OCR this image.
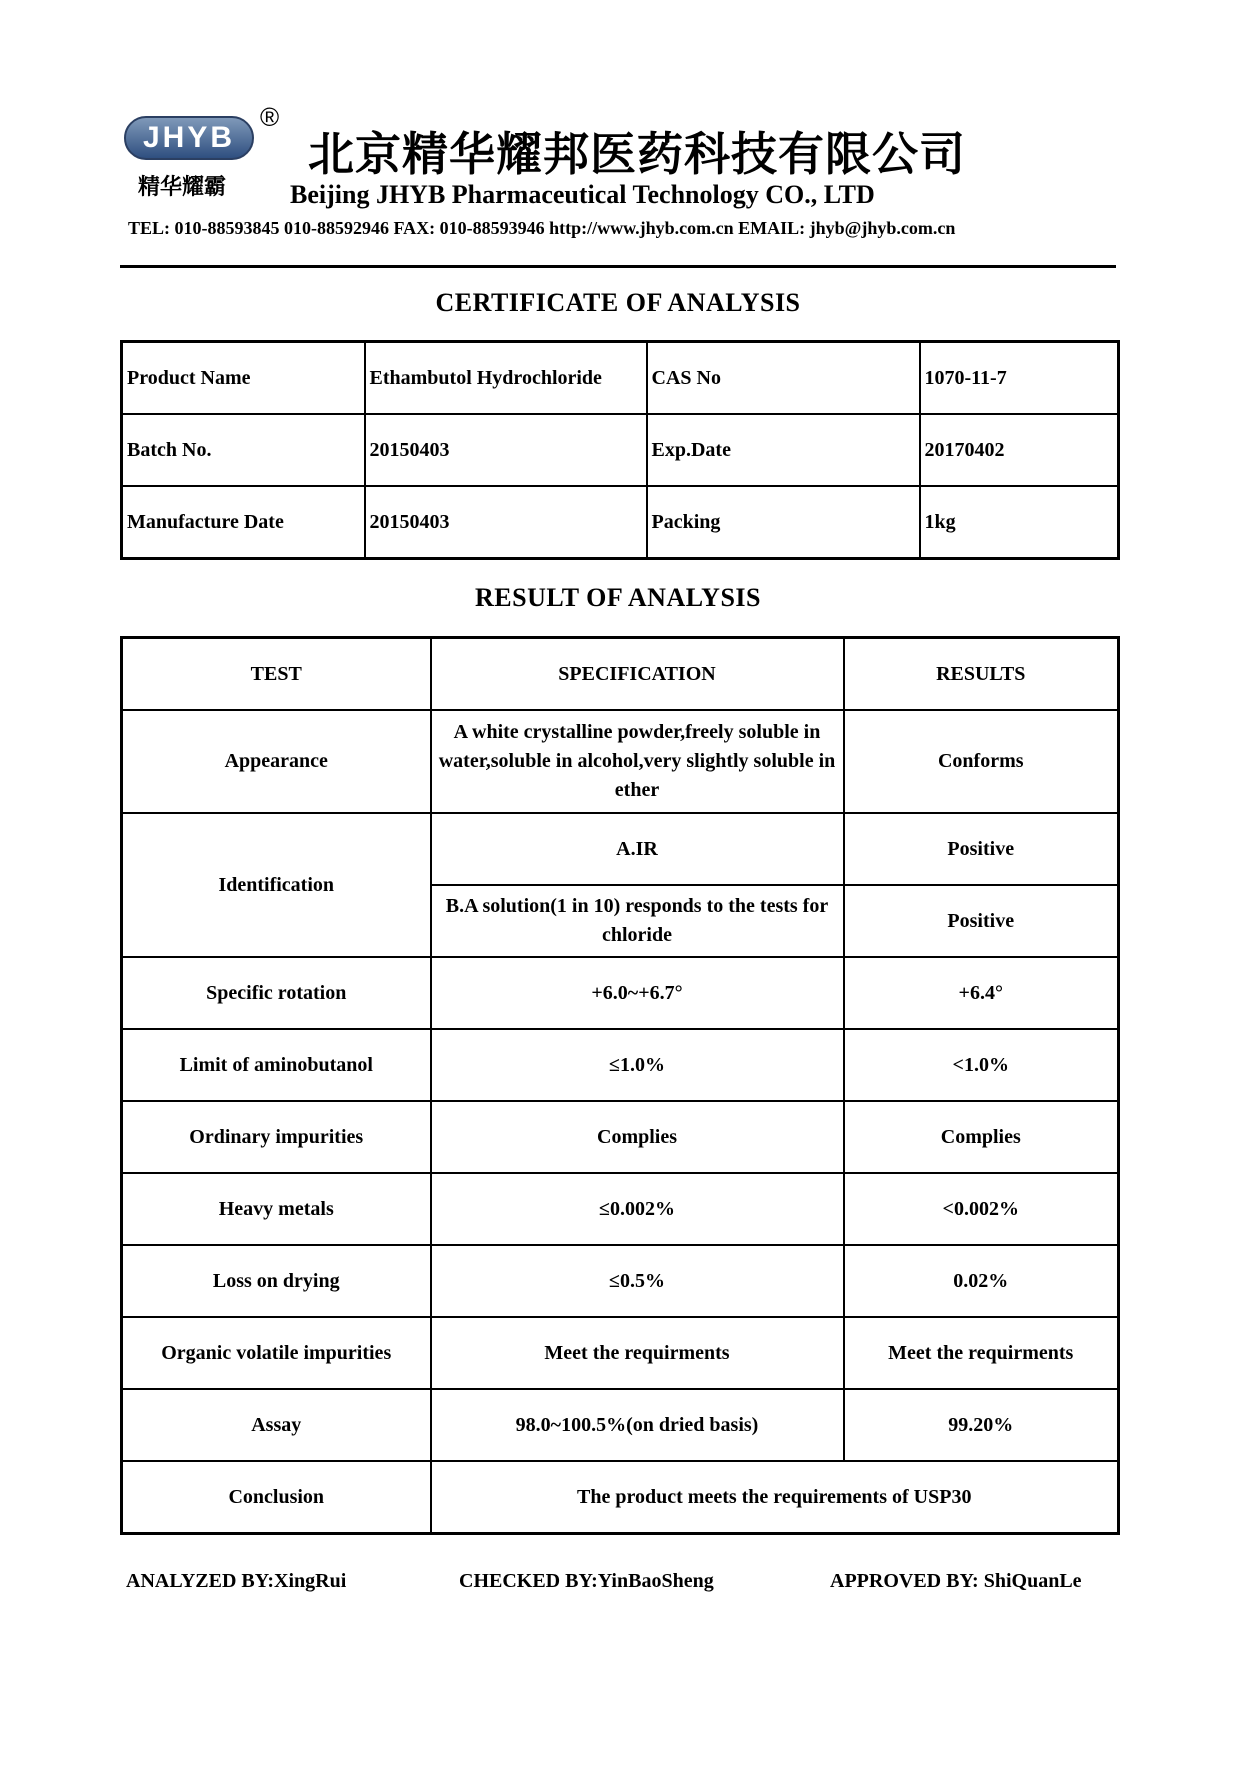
JHYB
®
精华耀霸
北京精华耀邦医药科技有限公司
Beijing JHYB Pharmaceutical Technology CO., LTD
TEL: 010-88593845 010-88592946 FAX: 010-88593946 http://www.jhyb.com.cn EMAIL: jhyb@jhyb.com.cn
CERTIFICATE OF ANALYSIS
Product Name	Ethambutol Hydrochloride	CAS No	1070-11-7
Batch No.	20150403	Exp.Date	20170402
Manufacture Date	20150403	Packing	1kg
RESULT OF ANALYSIS
TEST	SPECIFICATION	RESULTS
Appearance	A white crystalline powder,freely soluble in water,soluble in alcohol,very slightly soluble in ether	Conforms
Identification	A.IR	Positive
	B.A solution(1 in 10) responds to the tests for chloride	Positive
Specific rotation	+6.0~+6.7°	+6.4°
Limit of aminobutanol	≤1.0%	<1.0%
Ordinary impurities	Complies	Complies
Heavy metals	≤0.002%	<0.002%
Loss on drying	≤0.5%	0.02%
Organic volatile impurities	Meet the requirments	Meet the requirments
Assay	98.0~100.5%(on dried basis)	99.20%
Conclusion	The product meets the requirements of USP30	
ANALYZED BY:XingRui	CHECKED BY:YinBaoSheng	APPROVED BY: ShiQuanLe
